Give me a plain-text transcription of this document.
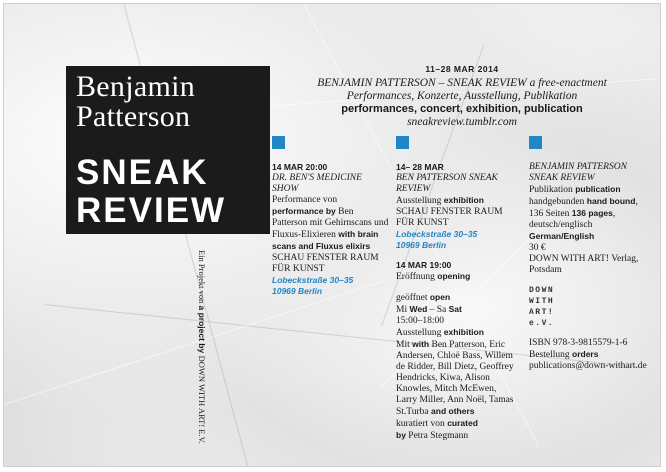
Benjamin
Patterson
SNEAK
REVIEW
Ein Projekt von a project by DOWN WITH ART! E.V.
11–28 MAR 2014
BENJAMIN PATTERSON – SNEAK REVIEW a free-enactment
Performances, Konzerte, Ausstellung, Publikation
performances, concert, exhibition, publication
sneakreview.tumblr.com

14 MAR 20:00

DR. BEN'S MEDICINE SHOW

Performance von performance by Ben Patterson mit Gehirnscans und Fluxus-Elixieren with brain scans and Fluxus elixirs

SCHAU FENSTER RAUM FÜR KUNST

Lobeckstraße 30–35

10969 Berlin

14– 28 MAR

BEN PATTERSON SNEAK REVIEW

Ausstellung exhibition

SCHAU FENSTER RAUM FÜR KUNST

Lobeckstraße 30–35

10969 Berlin

14 MAR 19:00

Eröffnung opening

geöffnet open

Mi Wed – Sa Sat

15:00–18:00

Ausstellung exhibition

Mit with Ben Patterson, Eric Andersen, Chloë Bass, Willem de Ridder, Bill Dietz, Geoffrey Hendricks, Kiwa, Alison Knowles, Mitch McEwen, Larry Miller, Ann Noël, Tamas St.Turba and others

kuratiert von curated

by Petra Stegmann

BENJAMIN PATTERSON SNEAK REVIEW

Publikation publication handgebunden hand bound, 136 Seiten 136 pages, deutsch/englisch German/English

30 €

DOWN WITH ART! Verlag, Potsdam

DOWN
WITH
ART!
e.V.

ISBN 978-3-9815579-1-6

Bestellung orders

publications@down-withart.de
